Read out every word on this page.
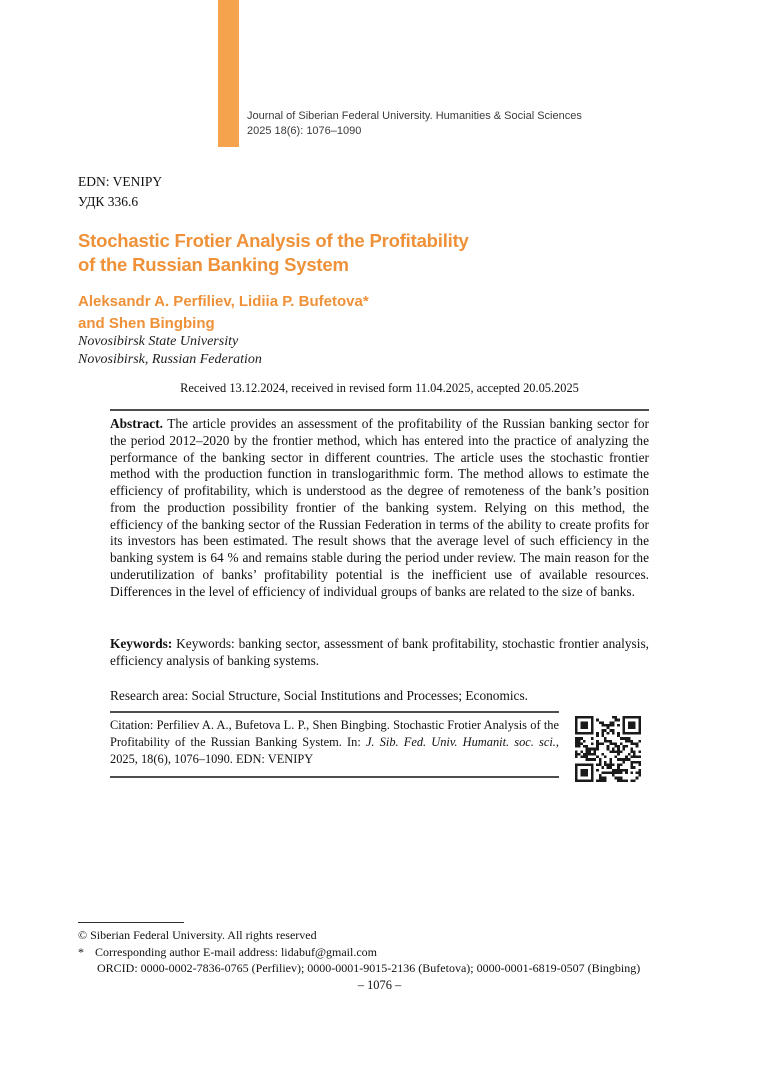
Journal of Siberian Federal University. Humanities & Social Sciences
2025 18(6): 1076–1090
EDN: VENIPY
УДК 336.6
Stochastic Frotier Analysis of the Profitability
of the Russian Banking System
Aleksandr A. Perfiliev, Lidiia P. Bufetova*
and Shen Bingbing
Novosibirsk State University
Novosibirsk, Russian Federation
Received 13.12.2024, received in revised form 11.04.2025, accepted 20.05.2025

Abstract. The article provides an assessment of the profitability of the Russian banking sector for the period 2012–2020 by the frontier method, which has entered into the practice of analyzing the performance of the banking sector in different countries. The article uses the stochastic frontier method with the production function in translogarithmic form. The method allows to estimate the efficiency of profitability, which is understood as the degree of remoteness of the bank’s position from the production possibility frontier of the banking system. Relying on this method, the efficiency of the banking sector of the Russian Federation in terms of the ability to create profits for its investors has been estimated. The result shows that the average level of such efficiency in the banking system is 64 % and remains stable during the period under review. The main reason for the underutilization of banks’ profitability potential is the inefficient use of available resources. Differences in the level of efficiency of individual groups of banks are related to the size of banks.

Keywords: Keywords: banking sector, assessment of bank profitability, stochastic frontier analysis, efficiency analysis of banking systems.

Research area: Social Structure, Social Institutions and Processes; Economics.

Citation: Perfiliev A. A., Bufetova L. P., Shen Bingbing. Stochastic Frotier Analysis of the Profitability of the Russian Banking System. In: J. Sib. Fed. Univ. Humanit. soc. sci., 2025, 18(6), 1076–1090. EDN: VENIPY

© Siberian Federal University. All rights reserved
* Corresponding author E-mail address: lidabuf@gmail.com
ORCID: 0000-0002-7836-0765 (Perfiliev); 0000-0001-9015-2136 (Bufetova); 0000-0001-6819-0507 (Bingbing)
– 1076 –
